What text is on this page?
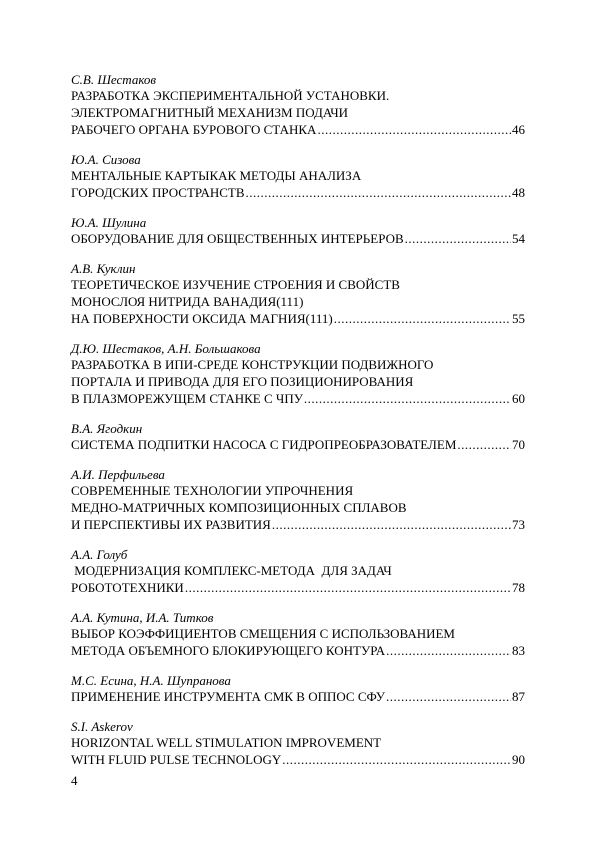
С.В. Шестаков
РАЗРАБОТКА ЭКСПЕРИМЕНТАЛЬНОЙ УСТАНОВКИ.
ЭЛЕКТРОМАГНИТНЫЙ МЕХАНИЗМ ПОДАЧИ
РАБОЧЕГО ОРГАНА БУРОВОГО СТАНКА .....	46
Ю.А. Сизова
МЕНТАЛЬНЫЕ КАРТЫКАК МЕТОДЫ АНАЛИЗА
ГОРОДСКИХ ПРОСТРАНСТВ .....	48
Ю.А. Шулина
ОБОРУДОВАНИЕ ДЛЯ ОБЩЕСТВЕННЫХ ИНТЕРЬЕРОВ .....	54
А.В. Куклин
ТЕОРЕТИЧЕСКОЕ ИЗУЧЕНИЕ СТРОЕНИЯ И СВОЙСТВ
МОНОСЛОЯ НИТРИДА ВАНАДИЯ(111)
НА ПОВЕРХНОСТИ ОКСИДА МАГНИЯ(111) .....	55
Д.Ю. Шестаков, А.Н. Большакова
РАЗРАБОТКА В ИПИ-СРЕДЕ КОНСТРУКЦИИ ПОДВИЖНОГО
ПОРТАЛА И ПРИВОДА ДЛЯ ЕГО ПОЗИЦИОНИРОВАНИЯ
В ПЛАЗМОРЕЖУЩЕМ СТАНКЕ С ЧПУ .....	60
В.А. Ягодкин
СИСТЕМА ПОДПИТКИ НАСОСА С ГИДРОПРЕОБРАЗОВАТЕЛЕМ .....	70
А.И. Перфильева
СОВРЕМЕННЫЕ ТЕХНОЛОГИИ УПРОЧНЕНИЯ
МЕДНО-МАТРИЧНЫХ КОМПОЗИЦИОННЫХ СПЛАВОВ
И ПЕРСПЕКТИВЫ ИХ РАЗВИТИЯ .....	73
А.А. Голуб
МОДЕРНИЗАЦИЯ КОМПЛЕКС-МЕТОДА  ДЛЯ ЗАДАЧ
РОБОТОТЕХНИКИ .....	78
А.А. Кутина, И.А. Титков
ВЫБОР КОЭФФИЦИЕНТОВ СМЕЩЕНИЯ С ИСПОЛЬЗОВАНИЕМ
МЕТОДА ОБЪЕМНОГО БЛОКИРУЮЩЕГО КОНТУРА .....	83
М.С. Есина, Н.А. Шупранова
ПРИМЕНЕНИЕ ИНСТРУМЕНТА СМК В ОППОС СФУ .....	87
S.I. Askerov
HORIZONTAL WELL STIMULATION IMPROVEMENT
WITH FLUID PULSE TECHNOLOGY .....	90
4
